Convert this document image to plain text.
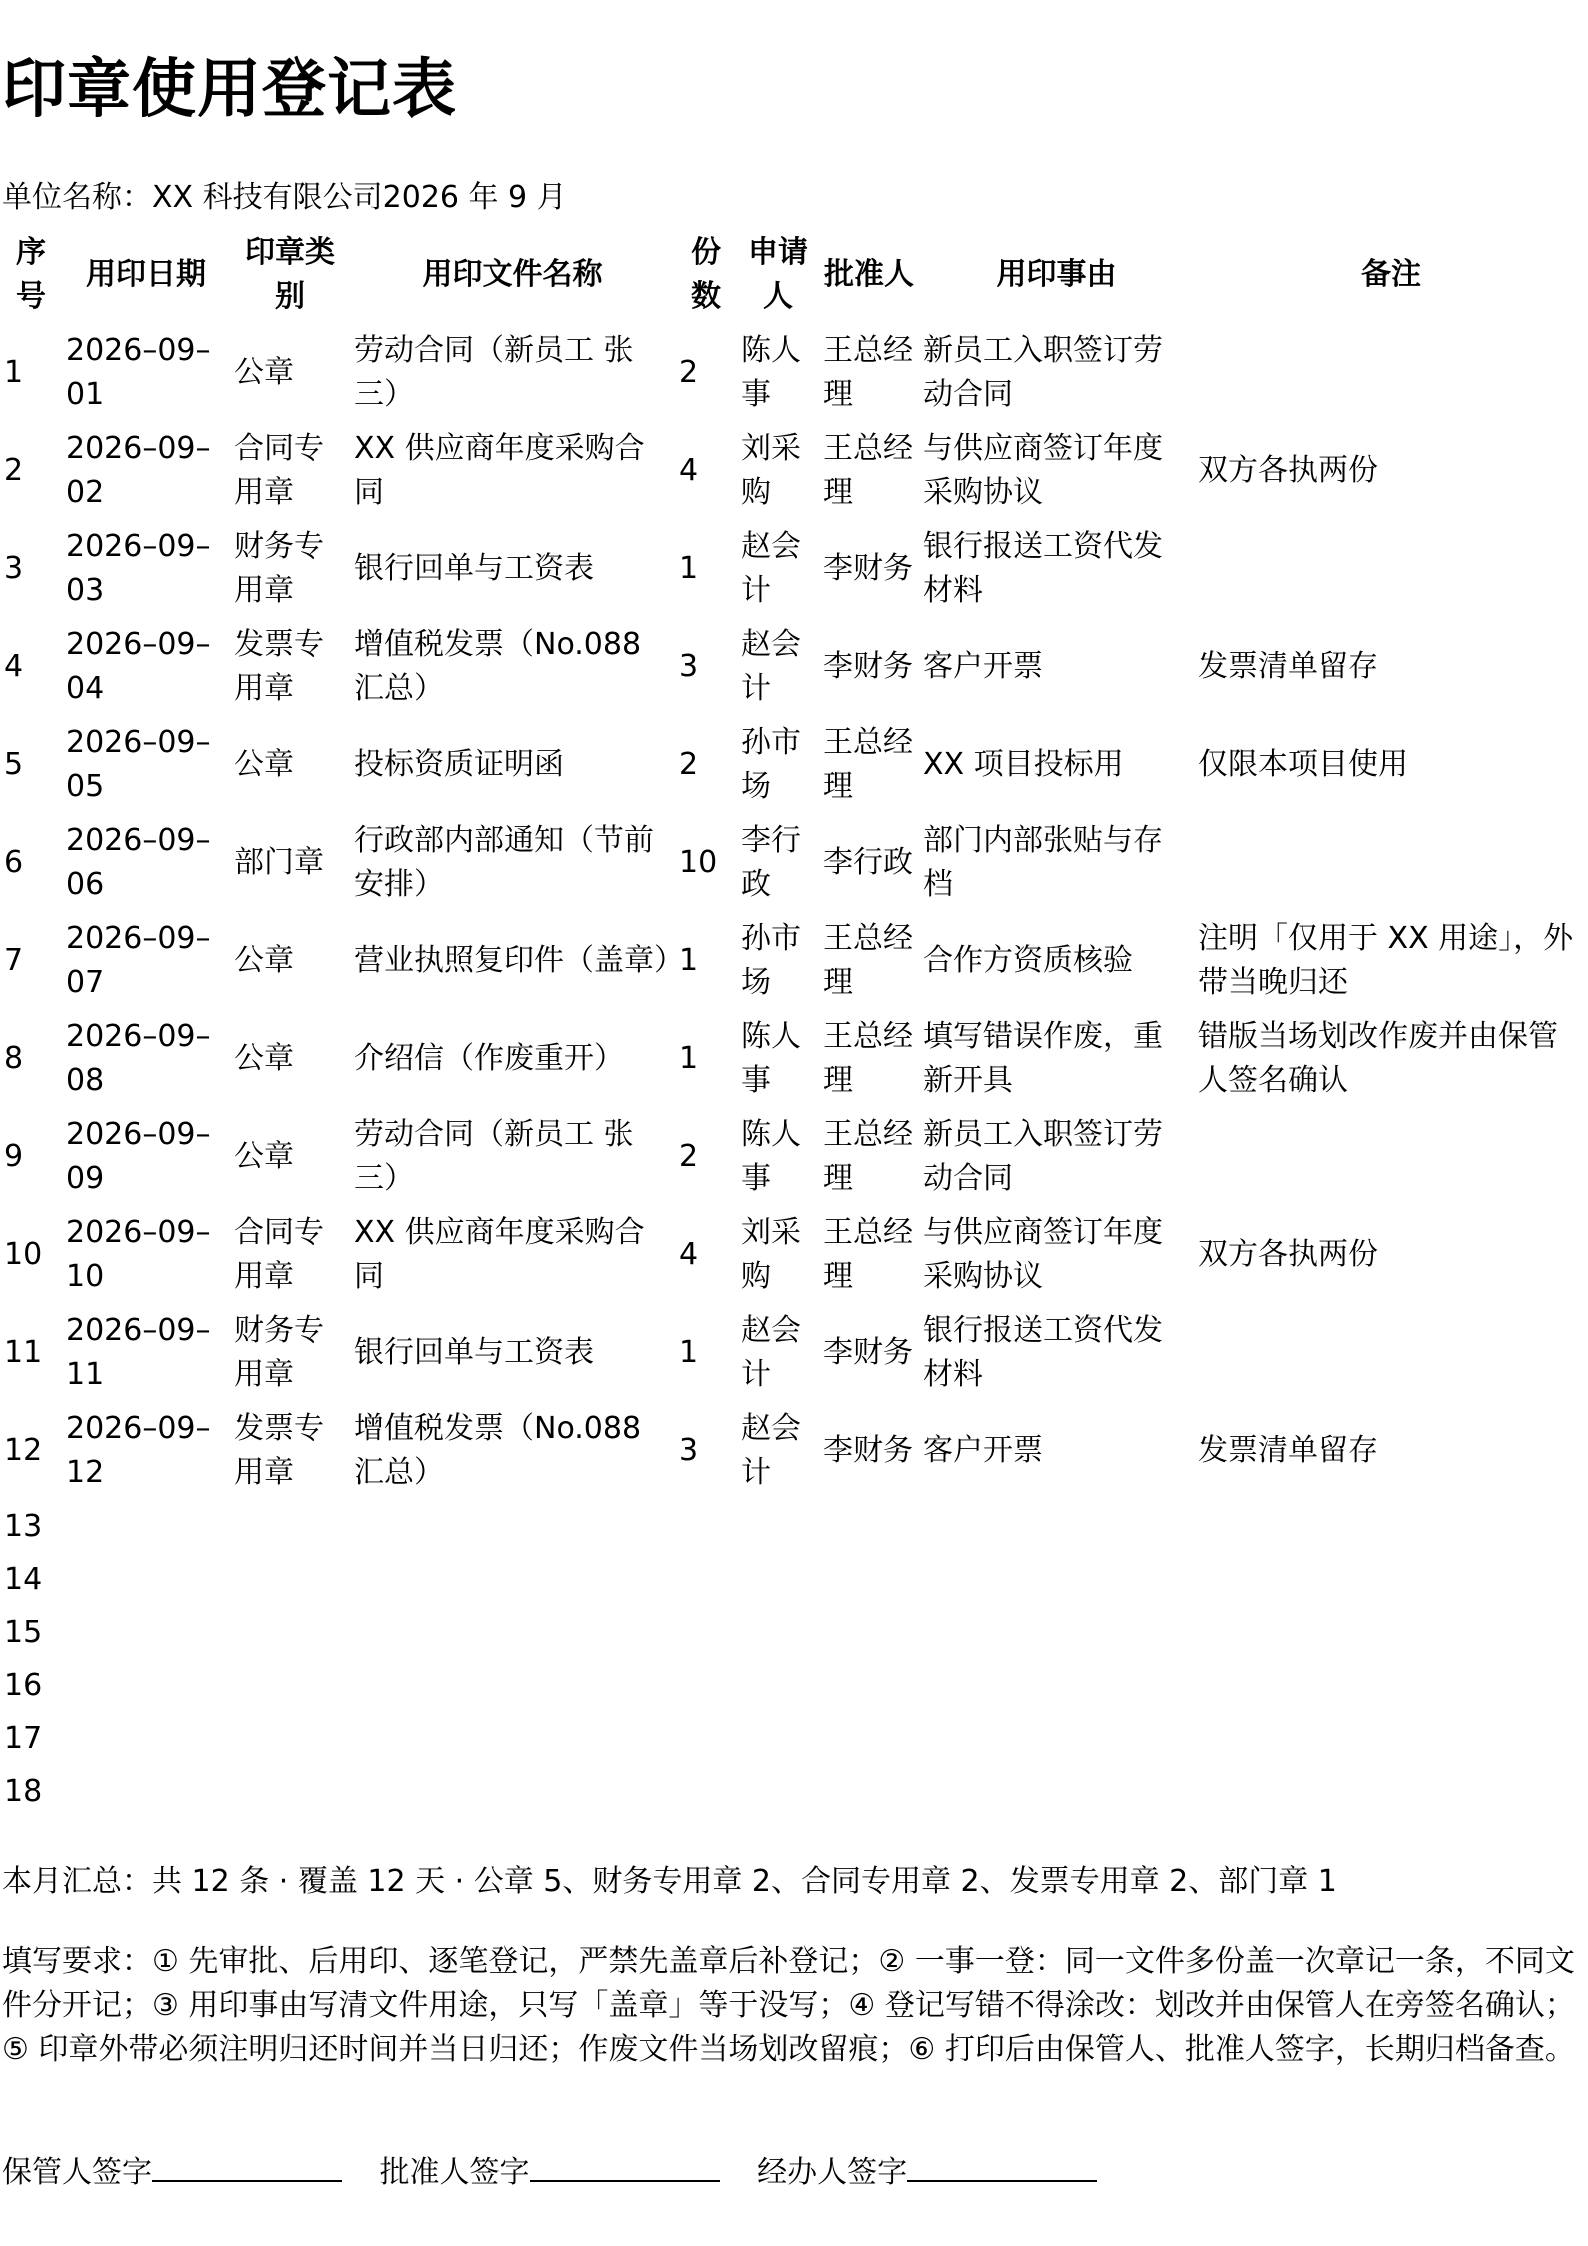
印章使用登记表
单位名称：XX 科技有限公司2026 年 9 月
序号	用印日期	印章类别	用印文件名称	份数	申请人	批准人	用印事由	备注
1	2026–09–01	公章	劳动合同（新员工 张三）	2	陈人事	王总经理	新员工入职签订劳动合同	
2	2026–09–02	合同专用章	XX 供应商年度采购合同	4	刘采购	王总经理	与供应商签订年度采购协议	双方各执两份
3	2026–09–03	财务专用章	银行回单与工资表	1	赵会计	李财务	银行报送工资代发材料	
4	2026–09–04	发票专用章	增值税发票（No.088 汇总）	3	赵会计	李财务	客户开票	发票清单留存
5	2026–09–05	公章	投标资质证明函	2	孙市场	王总经理	XX 项目投标用	仅限本项目使用
6	2026–09–06	部门章	行政部内部通知（节前安排）	10	李行政	李行政	部门内部张贴与存档	
7	2026–09–07	公章	营业执照复印件（盖章）	1	孙市场	王总经理	合作方资质核验	注明「仅用于 XX 用途」，外带当晚归还
8	2026–09–08	公章	介绍信（作废重开）	1	陈人事	王总经理	填写错误作废，重新开具	错版当场划改作废并由保管人签名确认
9	2026–09–09	公章	劳动合同（新员工 张三）	2	陈人事	王总经理	新员工入职签订劳动合同	
10	2026–09–10	合同专用章	XX 供应商年度采购合同	4	刘采购	王总经理	与供应商签订年度采购协议	双方各执两份
11	2026–09–11	财务专用章	银行回单与工资表	1	赵会计	李财务	银行报送工资代发材料	
12	2026–09–12	发票专用章	增值税发票（No.088 汇总）	3	赵会计	李财务	客户开票	发票清单留存
13								
14								
15								
16								
17								
18								
本月汇总：共 12 条 · 覆盖 12 天 · 公章 5、财务专用章 2、合同专用章 2、发票专用章 2、部门章 1
填写要求：① 先审批、后用印、逐笔登记，严禁先盖章后补登记；② 一事一登：同一文件多份盖一次章记一条，不同文件分开记；③ 用印事由写清文件用途，只写「盖章」等于没写；④ 登记写错不得涂改：划改并由保管人在旁签名确认；⑤ 印章外带必须注明归还时间并当日归还；作废文件当场划改留痕；⑥ 打印后由保管人、批准人签字，长期归档备查。
保管人签字	批准人签字	经办人签字
